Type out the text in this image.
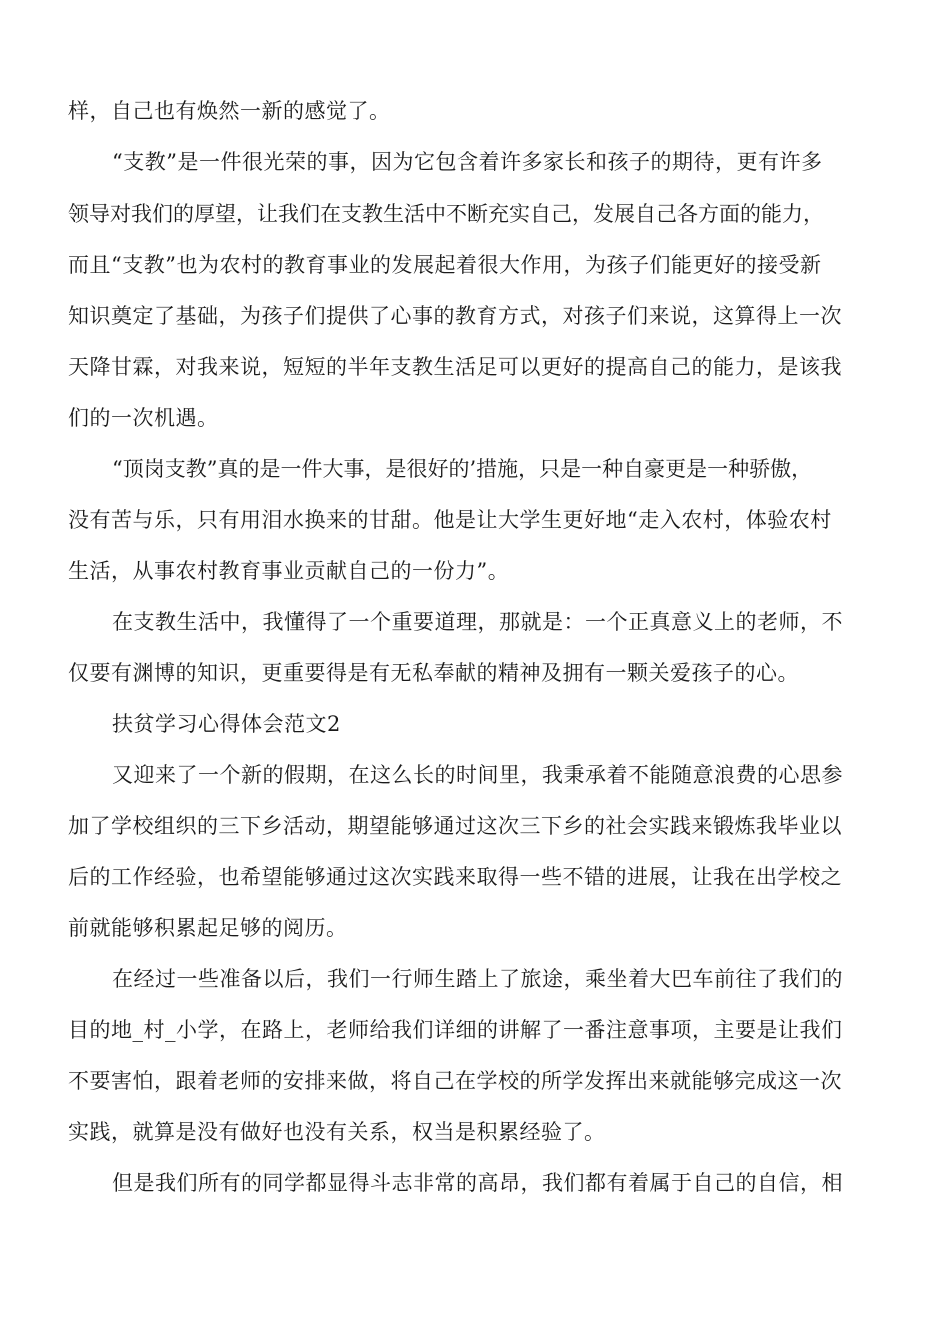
样，自己也有焕然一新的感觉了。
“支教”是一件很光荣的事，因为它包含着许多家长和孩子的期待，更有许多
领导对我们的厚望，让我们在支教生活中不断充实自己，发展自己各方面的能力，
而且“支教”也为农村的教育事业的发展起着很大作用，为孩子们能更好的接受新
知识奠定了基础，为孩子们提供了心事的教育方式，对孩子们来说，这算得上一次
天降甘霖，对我来说，短短的半年支教生活足可以更好的提高自己的能力，是该我
们的一次机遇。
“顶岗支教”真的是一件大事，是很好的’措施，只是一种自豪更是一种骄傲，
没有苦与乐，只有用泪水换来的甘甜。他是让大学生更好地“走入农村，体验农村
生活，从事农村教育事业贡献自己的一份力”。
在支教生活中，我懂得了一个重要道理，那就是：一个正真意义上的老师，不
仅要有渊博的知识，更重要得是有无私奉献的精神及拥有一颗关爱孩子的心。
扶贫学习心得体会范文2
又迎来了一个新的假期，在这么长的时间里，我秉承着不能随意浪费的心思参
加了学校组织的三下乡活动，期望能够通过这次三下乡的社会实践来锻炼我毕业以
后的工作经验，也希望能够通过这次实践来取得一些不错的进展，让我在出学校之
前就能够积累起足够的阅历。
在经过一些准备以后，我们一行师生踏上了旅途，乘坐着大巴车前往了我们的
目的地_村_小学，在路上，老师给我们详细的讲解了一番注意事项，主要是让我们
不要害怕，跟着老师的安排来做，将自己在学校的所学发挥出来就能够完成这一次
实践，就算是没有做好也没有关系，权当是积累经验了。
但是我们所有的同学都显得斗志非常的高昂，我们都有着属于自己的自信，相
